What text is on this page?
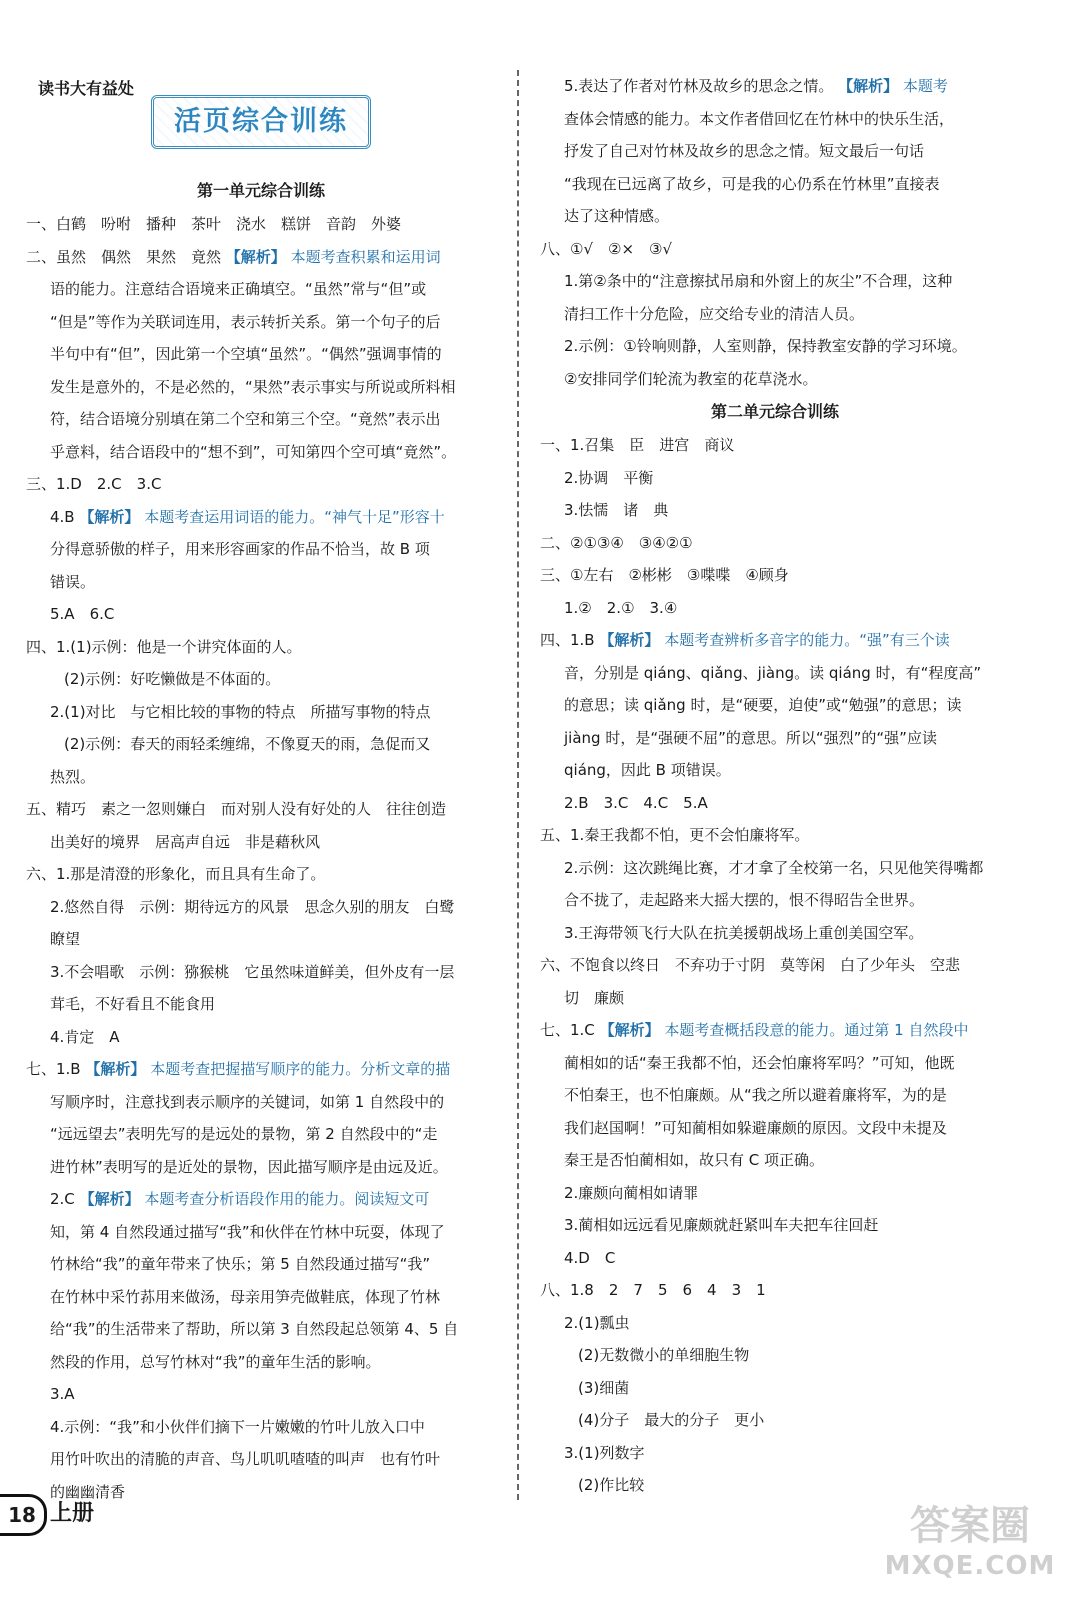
读书大有益处
活页综合训练
第一单元综合训练
一、白鹤　吩咐　播种　茶叶　浇水　糕饼　音韵　外婆
二、虽然　偶然　果然　竟然 【解析】 本题考查积累和运用词
语的能力。注意结合语境来正确填空。“虽然”常与“但”或
“但是”等作为关联词连用，表示转折关系。第一个句子的后
半句中有“但”，因此第一个空填“虽然”。“偶然”强调事情的
发生是意外的，不是必然的，“果然”表示事实与所说或所料相
符，结合语境分别填在第二个空和第三个空。“竟然”表示出
乎意料，结合语段中的“想不到”，可知第四个空可填“竟然”。
三、1.D　2.C　3.C
4.B 【解析】 本题考查运用词语的能力。“神气十足”形容十
分得意骄傲的样子，用来形容画家的作品不恰当，故 B 项
错误。
5.A　6.C
四、1.(1)示例：他是一个讲究体面的人。
(2)示例：好吃懒做是不体面的。
2.(1)对比　与它相比较的事物的特点　所描写事物的特点
(2)示例：春天的雨轻柔缠绵，不像夏天的雨，急促而又
热烈。
五、精巧　素之一忽则嫌白　而对别人没有好处的人　往往创造
出美好的境界　居高声自远　非是藉秋风
六、1.那是清澄的形象化，而且具有生命了。
2.悠然自得　示例：期待远方的风景　思念久别的朋友　白鹭
瞭望
3.不会唱歌　示例：猕猴桃　它虽然味道鲜美，但外皮有一层
茸毛，不好看且不能食用
4.肯定　A
七、1.B 【解析】 本题考查把握描写顺序的能力。分析文章的描
写顺序时，注意找到表示顺序的关键词，如第 1 自然段中的
“远远望去”表明先写的是远处的景物，第 2 自然段中的“走
进竹林”表明写的是近处的景物，因此描写顺序是由远及近。
2.C 【解析】 本题考查分析语段作用的能力。阅读短文可
知，第 4 自然段通过描写“我”和伙伴在竹林中玩耍，体现了
竹林给“我”的童年带来了快乐；第 5 自然段通过描写“我”
在竹林中采竹荪用来做汤，母亲用笋壳做鞋底，体现了竹林
给“我”的生活带来了帮助，所以第 3 自然段起总领第 4、5 自
然段的作用，总写竹林对“我”的童年生活的影响。
3.A
4.示例：“我”和小伙伴们摘下一片嫩嫩的竹叶儿放入口中
用竹叶吹出的清脆的声音、鸟儿叽叽喳喳的叫声　也有竹叶
的幽幽清香
5.表达了作者对竹林及故乡的思念之情。 【解析】 本题考
查体会情感的能力。本文作者借回忆在竹林中的快乐生活，
抒发了自己对竹林及故乡的思念之情。短文最后一句话
“我现在已远离了故乡，可是我的心仍系在竹林里”直接表
达了这种情感。
八、①√　②×　③√
1.第②条中的“注意擦拭吊扇和外窗上的灰尘”不合理，这种
清扫工作十分危险，应交给专业的清洁人员。
2.示例：①铃响则静，人室则静，保持教室安静的学习环境。
②安排同学们轮流为教室的花草浇水。
第二单元综合训练
一、1.召集　臣　进宫　商议
2.协调　平衡
3.怯懦　诸　典
二、②①③④　③④②①
三、①左右　②彬彬　③喋喋　④顾身
1.②　2.①　3.④
四、1.B 【解析】 本题考查辨析多音字的能力。“强”有三个读
音，分别是 qiáng、qiǎng、jiàng。读 qiáng 时，有“程度高”
的意思；读 qiǎng 时，是“硬要，迫使”或“勉强”的意思；读
jiàng 时，是“强硬不屈”的意思。所以“强烈”的“强”应读
qiáng，因此 B 项错误。
2.B　3.C　4.C　5.A
五、1.秦王我都不怕，更不会怕廉将军。
2.示例：这次跳绳比赛，才才拿了全校第一名，只见他笑得嘴都
合不拢了，走起路来大摇大摆的，恨不得昭告全世界。
3.王海带领飞行大队在抗美援朝战场上重创美国空军。
六、不饱食以终日　不弃功于寸阴　莫等闲　白了少年头　空悲
切　廉颇
七、1.C 【解析】 本题考查概括段意的能力。通过第 1 自然段中
蔺相如的话“秦王我都不怕，还会怕廉将军吗？”可知，他既
不怕秦王，也不怕廉颇。从“我之所以避着廉将军，为的是
我们赵国啊！”可知蔺相如躲避廉颇的原因。文段中未提及
秦王是否怕蔺相如，故只有 C 项正确。
2.廉颇向蔺相如请罪
3.蔺相如远远看见廉颇就赶紧叫车夫把车往回赶
4.D　C
八、1.8　2　7　5　6　4　3　1
2.(1)瓢虫
(2)无数微小的单细胞生物
(3)细菌
(4)分子　最大的分子　更小
3.(1)列数字
(2)作比较
18 上册	答案圈
MXQE.COM
